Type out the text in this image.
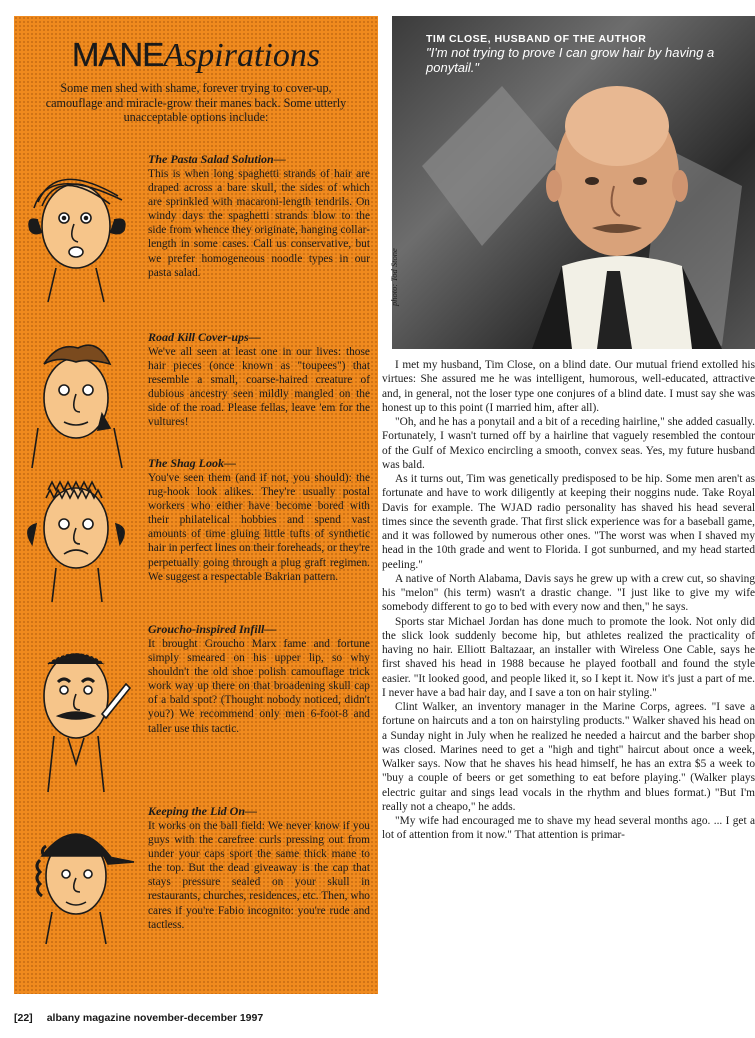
MANEAspirations
Some men shed with shame, forever trying to cover-up, camouflage and miracle-grow their manes back. Some utterly unacceptable options include:
The Pasta Salad Solution—

This is when long spaghetti strands of hair are draped across a bare skull, the sides of which are sprinkled with macaroni-length tendrils. On windy days the spaghetti strands blow to the side from whence they originate, hanging collar-length in some cases. Call us conservative, but we prefer homogeneous noodle types in our pasta salad.

Road Kill Cover-ups—

We've all seen at least one in our lives: those hair pieces (once known as "toupees") that resemble a small, coarse-haired creature of dubious ancestry seen mildly mangled on the side of the road. Please fellas, leave 'em for the vultures!

The Shag Look—

You've seen them (and if not, you should): the rug-hook look alikes. They're usually postal workers who either have become bored with their philatelical hobbies and spend vast amounts of time gluing little tufts of synthetic hair in perfect lines on their foreheads, or they're perpetually going through a plug graft regimen. We suggest a respectable Bakrian pattern.

Groucho-inspired Infill—

It brought Groucho Marx fame and fortune simply smeared on his upper lip, so why shouldn't the old shoe polish camouflage trick work way up there on that broadening skull cap of a bald spot? (Thought nobody noticed, didn't you?) We recommend only men 6-foot-8 and taller use this tactic.

Keeping the Lid On—

It works on the ball field: We never know if you guys with the carefree curls pressing out from under your caps sport the same thick mane to the top. But the dead giveaway is the cap that stays pressure sealed on your skull in restaurants, churches, residences, etc. Then, who cares if you're Fabio incognito: you're rude and tactless.

TIM CLOSE, HUSBAND OF THE AUTHOR
"I'm not trying to prove I can grow hair by having a ponytail."
photo: Tod Stone

I met my husband, Tim Close, on a blind date. Our mutual friend extolled his virtues: She assured me he was intelligent, humorous, well-educated, attractive and, in general, not the loser type one conjures of a blind date. I must say she was honest up to this point (I married him, after all).

"Oh, and he has a ponytail and a bit of a receding hairline," she added casually. Fortunately, I wasn't turned off by a hairline that vaguely resembled the contour of the Gulf of Mexico encircling a smooth, convex seas. Yes, my future husband was bald.

As it turns out, Tim was genetically predisposed to be hip. Some men aren't as fortunate and have to work diligently at keeping their noggins nude. Take Royal Davis for example. The WJAD radio personality has shaved his head several times since the seventh grade. That first slick experience was for a baseball game, and it was followed by numerous other ones. "The worst was when I shaved my head in the 10th grade and went to Florida. I got sunburned, and my head started peeling."

A native of North Alabama, Davis says he grew up with a crew cut, so shaving his "melon" (his term) wasn't a drastic change. "I just like to give my wife somebody different to go to bed with every now and then," he says.

Sports star Michael Jordan has done much to promote the look. Not only did the slick look suddenly become hip, but athletes realized the practicality of having no hair. Elliott Baltazaar, an installer with Wireless One Cable, says he first shaved his head in 1988 because he played football and found the style easier. "It looked good, and people liked it, so I kept it. Now it's just a part of me. I never have a bad hair day, and I save a ton on hair styling."

Clint Walker, an inventory manager in the Marine Corps, agrees. "I save a fortune on haircuts and a ton on hairstyling products." Walker shaved his head on a Sunday night in July when he realized he needed a haircut and the barber shop was closed. Marines need to get a "high and tight" haircut about once a week, Walker says. Now that he shaves his head himself, he has an extra $5 a week to "buy a couple of beers or get something to eat before playing." (Walker plays electric guitar and sings lead vocals in the rhythm and blues format.) "But I'm really not a cheapo," he adds.

"My wife had encouraged me to shave my head several months ago. ... I get a lot of attention from it now." That attention is primar-

[22] albany magazine november-december 1997
